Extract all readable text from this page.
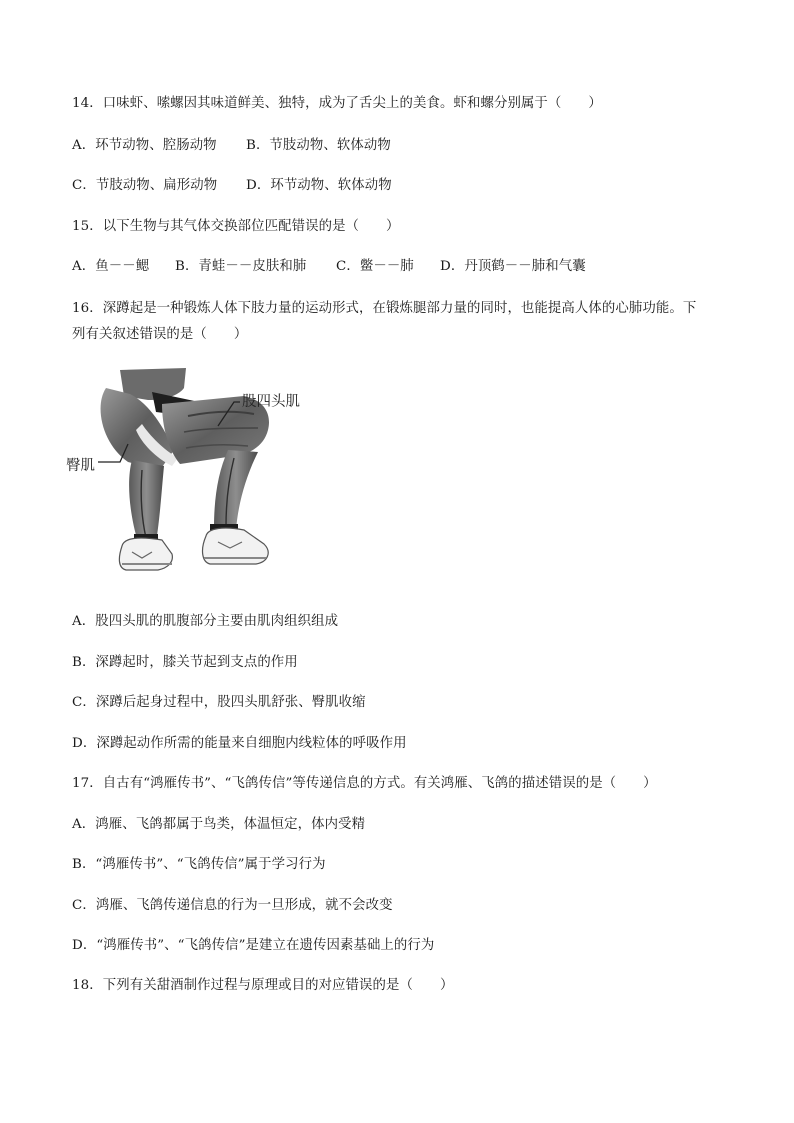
14．口味虾、嗦螺因其味道鲜美、独特，成为了舌尖上的美食。虾和螺分别属于（　　）
A．环节动物、腔肠动物 B．节肢动物、软体动物
C．节肢动物、扁形动物 D．环节动物、软体动物
15．以下生物与其气体交换部位匹配错误的是（　　）
A．鱼－－鳃 B．青蛙－－皮肤和肺 C．鳖－－肺 D．丹顶鹤－－肺和气囊
16．深蹲起是一种锻炼人体下肢力量的运动形式，在锻炼腿部力量的同时，也能提高人体的心肺功能。下
列有关叙述错误的是（　　）
股四头肌
臀肌
A．股四头肌的肌腹部分主要由肌肉组织组成
B．深蹲起时，膝关节起到支点的作用
C．深蹲后起身过程中，股四头肌舒张、臀肌收缩
D．深蹲起动作所需的能量来自细胞内线粒体的呼吸作用
17．自古有“鸿雁传书”、“飞鸽传信”等传递信息的方式。有关鸿雁、飞鸽的描述错误的是（　　）
A．鸿雁、飞鸽都属于鸟类，体温恒定，体内受精
B．“鸿雁传书”、“飞鸽传信”属于学习行为
C．鸿雁、飞鸽传递信息的行为一旦形成，就不会改变
D．“鸿雁传书”、“飞鸽传信”是建立在遗传因素基础上的行为
18．下列有关甜酒制作过程与原理或目的对应错误的是（　　）
